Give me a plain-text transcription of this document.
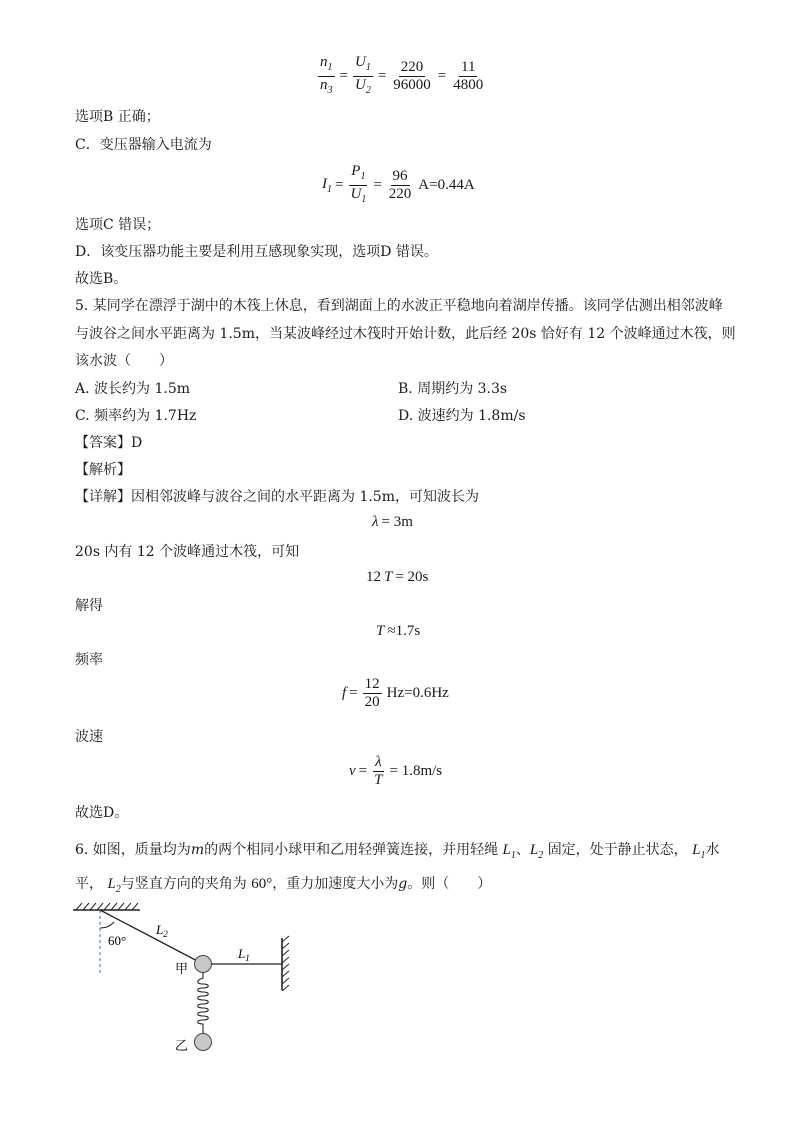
$\frac{n_1}{n_3} = \frac{U_1}{U_2} = \frac{220}{96000} = \frac{11}{4800}$
选项B 正确；
C．变压器输入电流为
$I_1 = \frac{P_1}{U_1} = \frac{96}{220} A=0.44A$
选项C 错误；
D．该变压器功能主要是利用互感现象实现，选项D 错误。
故选B。
5. 某同学在漂浮于湖中的木筏上休息，看到湖面上的水波正平稳地向着湖岸传播。该同学估测出相邻波峰
与波谷之间水平距离为 1.5m，当某波峰经过木筏时开始计数，此后经 20s 恰好有 12 个波峰通过木筏，则
该水波（　　）
A. 波长约为 1.5m	B. 周期约为 3.3s
C. 频率约为 1.7Hz	D. 波速约为 1.8m/s
【答案】D
【解析】
【详解】因相邻波峰与波谷之间的水平距离为 1.5m，可知波长为
λ = 3m
20s 内有 12 个波峰通过木筏，可知
12 T = 20s
解得
T ≈1.7s
频率
$f = \frac{12}{20} Hz=0.6Hz$
波速
$v = \frac{\lambda}{T} = 1.8m/s$
故选D。
6. 如图，质量均为m的两个相同小球甲和乙用轻弹簧连接，并用轻绳 $L_1$、$L_2$ 固定，处于静止状态， $L_1$水
平， $L_2$与竖直方向的夹角为 60°，重力加速度大小为g。则（　　）
60°
$L_2$
$L_1$
甲
乙
